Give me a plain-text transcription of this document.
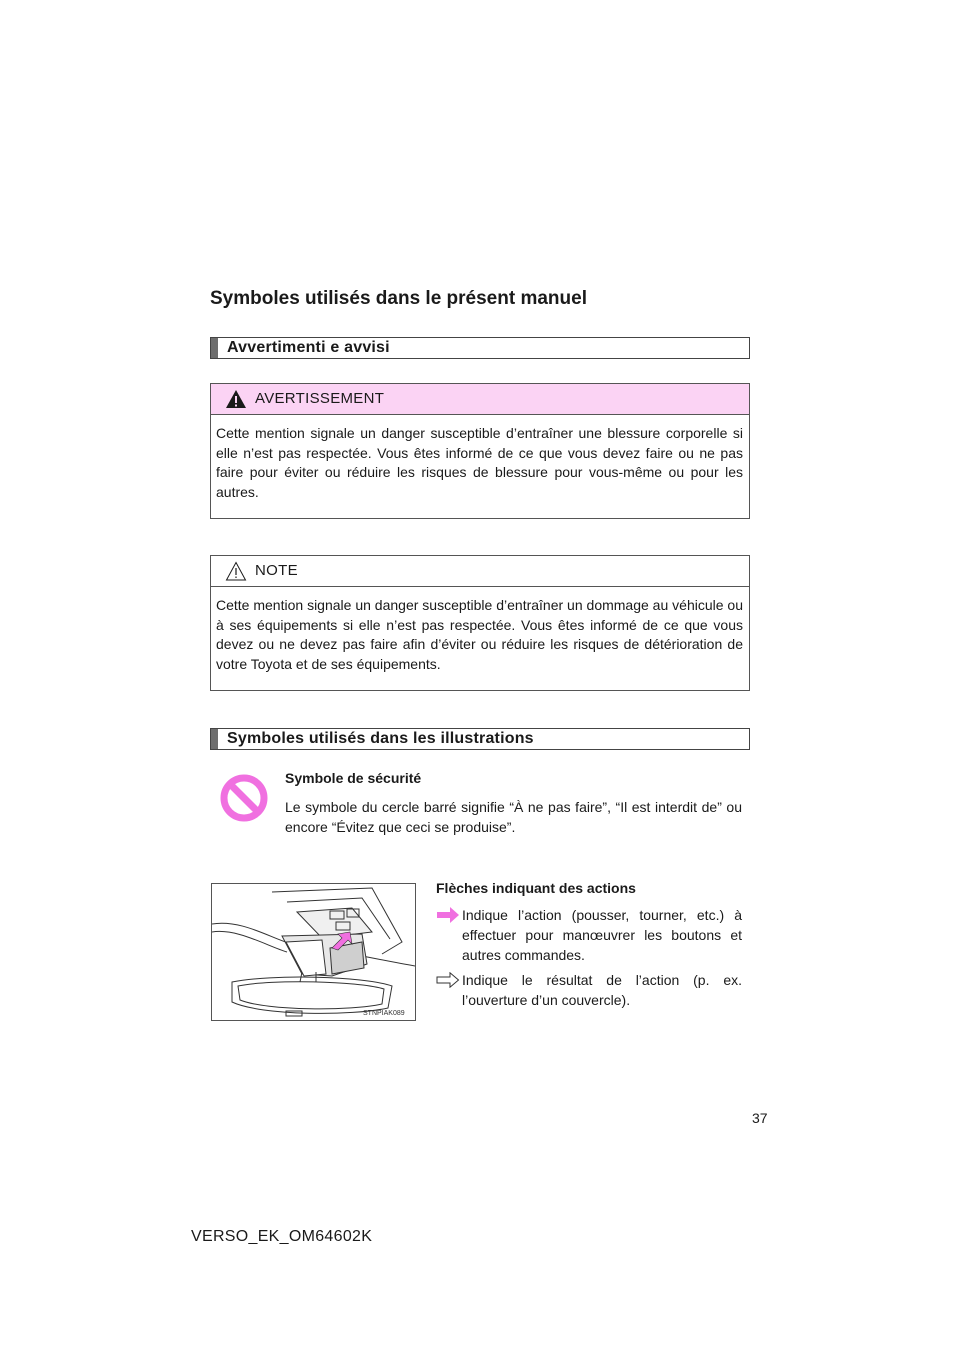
Symboles utilisés dans le présent manuel
Avvertimenti e avvisi
AVERTISSEMENT
Cette mention signale un danger susceptible d’entraîner une blessure corporelle si elle n’est pas respectée. Vous êtes informé de ce que vous devez faire ou ne pas faire pour éviter ou réduire les risques de blessure pour vous-même ou pour les autres.
NOTE
Cette mention signale un danger susceptible d’entraîner un dommage au véhicule ou à ses équipements si elle n’est pas respectée. Vous êtes informé de ce que vous devez ou ne devez pas faire afin d’éviter ou réduire les risques de détérioration de votre Toyota et de ses équipements.
Symboles utilisés dans les illustrations
Symbole de sécurité
Le symbole du cercle barré signifie “À ne pas faire”, “Il est interdit de” ou encore “Évitez que ceci se produise”.
STNPIAK089
Flèches indiquant des actions
Indique l’action (pousser, tourner, etc.) à effectuer pour manœuvrer les boutons et autres commandes.
Indique le résultat de l’action (p. ex. l’ouverture d’un couvercle).
37
VERSO_EK_OM64602K
